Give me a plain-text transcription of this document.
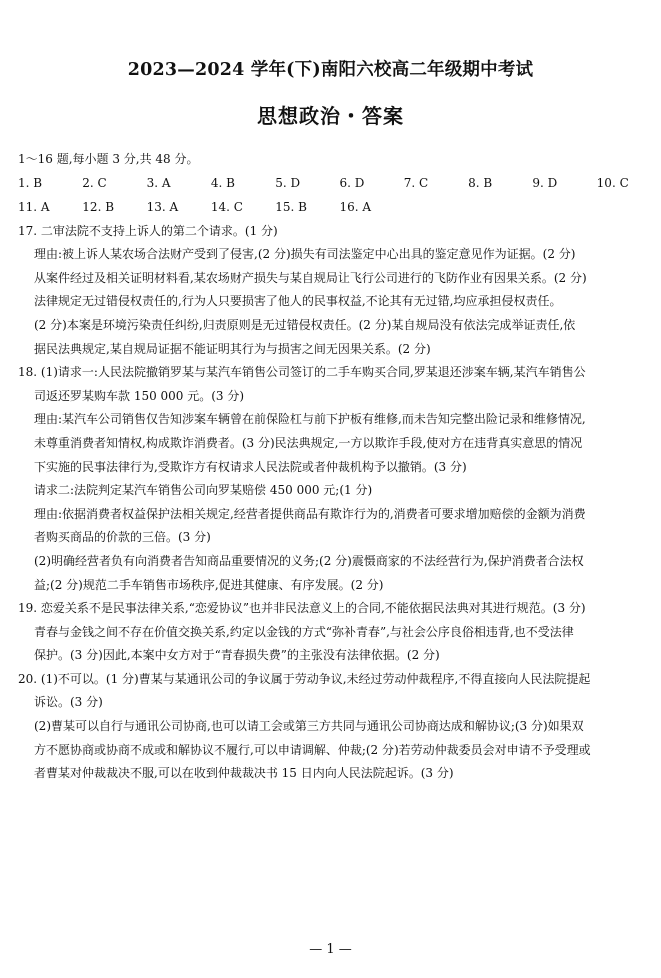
2023—2024 学年(下)南阳六校高二年级期中考试
思想政治・答案
1～16 题,每小题 3 分,共 48 分。
1. B	2. C	3. A	4. B	5. D	6. D	7. C	8. B	9. D	10. C
11. A	12. B	13. A	14. C	15. B	16. A
17. 二审法院不支持上诉人的第二个请求。(1 分)
理由:被上诉人某农场合法财产受到了侵害,(2 分)损失有司法鉴定中心出具的鉴定意见作为证据。(2 分)
从案件经过及相关证明材料看,某农场财产损失与某自规局让飞行公司进行的飞防作业有因果关系。(2 分)
法律规定无过错侵权责任的,行为人只要损害了他人的民事权益,不论其有无过错,均应承担侵权责任。
(2 分)本案是环境污染责任纠纷,归责原则是无过错侵权责任。(2 分)某自规局没有依法完成举证责任,依
据民法典规定,某自规局证据不能证明其行为与损害之间无因果关系。(2 分)
18. (1)请求一:人民法院撤销罗某与某汽车销售公司签订的二手车购买合同,罗某退还涉案车辆,某汽车销售公
司返还罗某购车款 150 000 元。(3 分)
理由:某汽车公司销售仅告知涉案车辆曾在前保险杠与前下护板有维修,而未告知完整出险记录和维修情况,
未尊重消费者知情权,构成欺诈消费者。(3 分)民法典规定,一方以欺诈手段,使对方在违背真实意思的情况
下实施的民事法律行为,受欺诈方有权请求人民法院或者仲裁机构予以撤销。(3 分)
请求二:法院判定某汽车销售公司向罗某赔偿 450 000 元;(1 分)
理由:依据消费者权益保护法相关规定,经营者提供商品有欺诈行为的,消费者可要求增加赔偿的金额为消费
者购买商品的价款的三倍。(3 分)
(2)明确经营者负有向消费者告知商品重要情况的义务;(2 分)震慑商家的不法经营行为,保护消费者合法权
益;(2 分)规范二手车销售市场秩序,促进其健康、有序发展。(2 分)
19. 恋爱关系不是民事法律关系,“恋爱协议”也并非民法意义上的合同,不能依据民法典对其进行规范。(3 分)
青春与金钱之间不存在价值交换关系,约定以金钱的方式“弥补青春”,与社会公序良俗相违背,也不受法律
保护。(3 分)因此,本案中女方对于“青春损失费”的主张没有法律依据。(2 分)
20. (1)不可以。(1 分)曹某与某通讯公司的争议属于劳动争议,未经过劳动仲裁程序,不得直接向人民法院提起
诉讼。(3 分)
(2)曹某可以自行与通讯公司协商,也可以请工会或第三方共同与通讯公司协商达成和解协议;(3 分)如果双
方不愿协商或协商不成或和解协议不履行,可以申请调解、仲裁;(2 分)若劳动仲裁委员会对申请不予受理或
者曹某对仲裁裁决不服,可以在收到仲裁裁决书 15 日内向人民法院起诉。(3 分)
— 1 —
